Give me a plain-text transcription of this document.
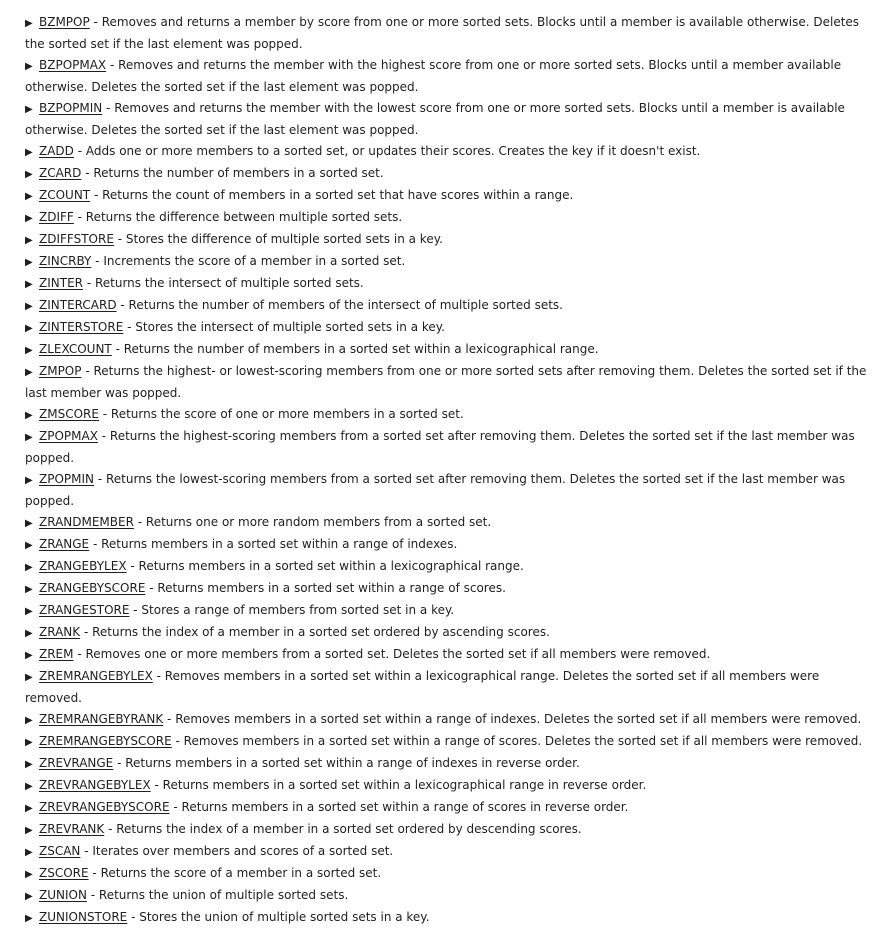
▶ BZMPOP - Removes and returns a member by score from one or more sorted sets. Blocks until a member is available otherwise. Deletes the sorted set if the last element was popped.
▶ BZPOPMAX - Removes and returns the member with the highest score from one or more sorted sets. Blocks until a member available otherwise. Deletes the sorted set if the last element was popped.
▶ BZPOPMIN - Removes and returns the member with the lowest score from one or more sorted sets. Blocks until a member is available otherwise. Deletes the sorted set if the last element was popped.
▶ ZADD - Adds one or more members to a sorted set, or updates their scores. Creates the key if it doesn't exist.
▶ ZCARD - Returns the number of members in a sorted set.
▶ ZCOUNT - Returns the count of members in a sorted set that have scores within a range.
▶ ZDIFF - Returns the difference between multiple sorted sets.
▶ ZDIFFSTORE - Stores the difference of multiple sorted sets in a key.
▶ ZINCRBY - Increments the score of a member in a sorted set.
▶ ZINTER - Returns the intersect of multiple sorted sets.
▶ ZINTERCARD - Returns the number of members of the intersect of multiple sorted sets.
▶ ZINTERSTORE - Stores the intersect of multiple sorted sets in a key.
▶ ZLEXCOUNT - Returns the number of members in a sorted set within a lexicographical range.
▶ ZMPOP - Returns the highest- or lowest-scoring members from one or more sorted sets after removing them. Deletes the sorted set if the last member was popped.
▶ ZMSCORE - Returns the score of one or more members in a sorted set.
▶ ZPOPMAX - Returns the highest-scoring members from a sorted set after removing them. Deletes the sorted set if the last member was popped.
▶ ZPOPMIN - Returns the lowest-scoring members from a sorted set after removing them. Deletes the sorted set if the last member was popped.
▶ ZRANDMEMBER - Returns one or more random members from a sorted set.
▶ ZRANGE - Returns members in a sorted set within a range of indexes.
▶ ZRANGEBYLEX - Returns members in a sorted set within a lexicographical range.
▶ ZRANGEBYSCORE - Returns members in a sorted set within a range of scores.
▶ ZRANGESTORE - Stores a range of members from sorted set in a key.
▶ ZRANK - Returns the index of a member in a sorted set ordered by ascending scores.
▶ ZREM - Removes one or more members from a sorted set. Deletes the sorted set if all members were removed.
▶ ZREMRANGEBYLEX - Removes members in a sorted set within a lexicographical range. Deletes the sorted set if all members were removed.
▶ ZREMRANGEBYRANK - Removes members in a sorted set within a range of indexes. Deletes the sorted set if all members were removed.
▶ ZREMRANGEBYSCORE - Removes members in a sorted set within a range of scores. Deletes the sorted set if all members were removed.
▶ ZREVRANGE - Returns members in a sorted set within a range of indexes in reverse order.
▶ ZREVRANGEBYLEX - Returns members in a sorted set within a lexicographical range in reverse order.
▶ ZREVRANGEBYSCORE - Returns members in a sorted set within a range of scores in reverse order.
▶ ZREVRANK - Returns the index of a member in a sorted set ordered by descending scores.
▶ ZSCAN - Iterates over members and scores of a sorted set.
▶ ZSCORE - Returns the score of a member in a sorted set.
▶ ZUNION - Returns the union of multiple sorted sets.
▶ ZUNIONSTORE - Stores the union of multiple sorted sets in a key.
